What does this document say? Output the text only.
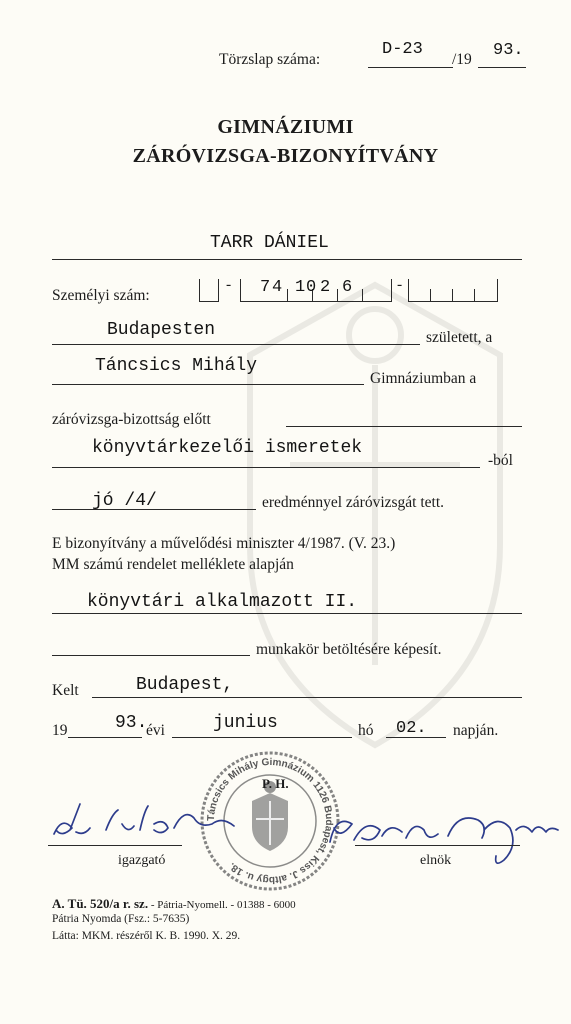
Törzslap száma:
D-23
/19 93.
GIMNÁZIUMI
ZÁRÓVIZSGA-BIZONYÍTVÁNY
TARR DÁNIEL
Személyi szám:
- 7 4 1 0 2 6	-
Budapesten	született, a
Táncsics Mihály
Gimnáziumban a
záróvizsga-bizottság előtt
könyvtárkezelői ismeretek
-ból
jó /4/	eredménnyel záróvizsgát tett.
E bizonyítvány a művelődési miniszter 4/1987. (V. 23.)
MM számú rendelet melléklete alapján
könyvtári alkalmazott II.
munkakör betöltésére képesít.
Kelt	Budapest,
19	93.
évi	junius	hó 02. napján.
Táncsics Mihály Gimnázium 1126 Budapest, Kiss J. altbgy u. 18.
P. H.
igazgató	elnök
A. Tü. 520/a r. sz. - Pátria-Nyomell. - 01388 - 6000
Pátria Nyomda (Fsz.: 5-7635)
Látta: MKM. részéről K. B. 1990. X. 29.
